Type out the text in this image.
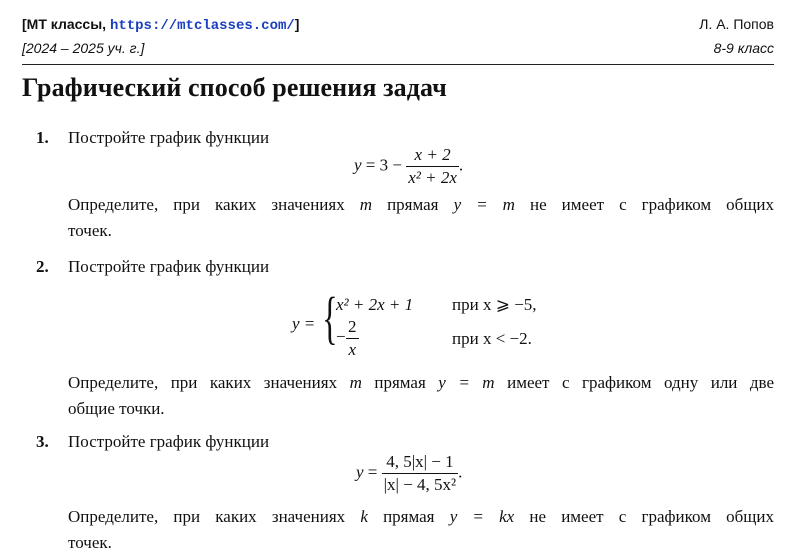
[МТ классы, https://mtclasses.com/]
[2024 – 2025 уч. г.]
Л. А. Попов
8-9 класс
Графический способ решения задач
1. Постройте график функции
$y = 3 - \frac{x + 2}{\text{x² + 2x}}$ .
Определите, при каких значениях m прямая y = m не имеет с графиком общих
точек.
2. Постройте график функции
y = {
x² + 2x + 1 при x ⩾ −5,
− $\frac{2}{x}$	при x < −2.
Определите, при каких значениях m прямая y = m имеет с графиком одну или две
общие точки.
3. Постройте график функции
$y = \frac{4, 5|x| - 1}{\text{|x| − 4, 5x²}}$ .
Определите, при каких значениях k прямая y = kx не имеет с графиком общих
точек.
